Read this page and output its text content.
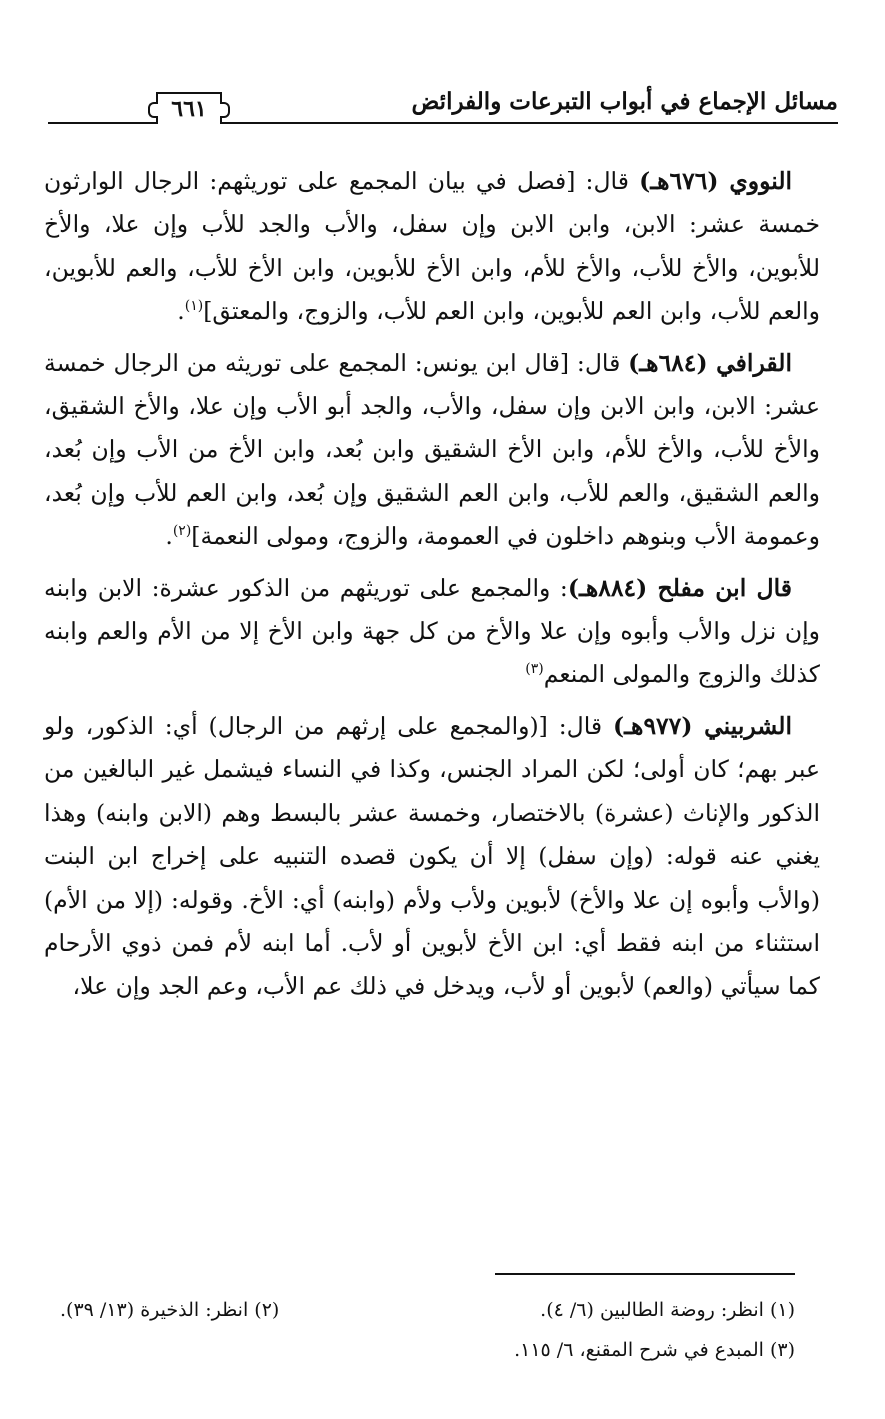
مسائل الإجماع في أبواب التبرعات والفرائض
٦٦١

النووي (٦٧٦هـ) قال: [فصل في بيان المجمع على توريثهم: الرجال الوارثون خمسة عشر: الابن، وابن الابن وإن سفل، والأب والجد للأب وإن علا، والأخ للأبوين، والأخ للأب، والأخ للأم، وابن الأخ للأبوين، وابن الأخ للأب، والعم للأبوين، والعم للأب، وابن العم للأبوين، وابن العم للأب، والزوج، والمعتق]$^{(١)}$.

القرافي (٦٨٤هـ) قال: [قال ابن يونس: المجمع على توريثه من الرجال خمسة عشر: الابن، وابن الابن وإن سفل، والأب، والجد أبو الأب وإن علا، والأخ الشقيق، والأخ للأب، والأخ للأم، وابن الأخ الشقيق وابن بُعد، وابن الأخ من الأب وإن بُعد، والعم الشقيق، والعم للأب، وابن العم الشقيق وإن بُعد، وابن العم للأب وإن بُعد، وعمومة الأب وبنوهم داخلون في العمومة، والزوج، ومولى النعمة]$^{(٢)}$.

قال ابن مفلح (٨٨٤هـ): والمجمع على توريثهم من الذكور عشرة: الابن وابنه وإن نزل والأب وأبوه وإن علا والأخ من كل جهة وابن الأخ إلا من الأم والعم وابنه كذلك والزوج والمولى المنعم$^{(٣)}$

الشربيني (٩٧٧هـ) قال: [(والمجمع على إرثهم من الرجال) أي: الذكور، ولو عبر بهم؛ كان أولى؛ لكن المراد الجنس، وكذا في النساء فيشمل غير البالغين من الذكور والإناث (عشرة) بالاختصار، وخمسة عشر بالبسط وهم (الابن وابنه) وهذا يغني عنه قوله: (وإن سفل) إلا أن يكون قصده التنبيه على إخراج ابن البنت (والأب وأبوه إن علا والأخ) لأبوين ولأب ولأم (وابنه) أي: الأخ. وقوله: (إلا من الأم) استثناء من ابنه فقط أي: ابن الأخ لأبوين أو لأب. أما ابنه لأم فمن ذوي الأرحام كما سيأتي (والعم) لأبوين أو لأب، ويدخل في ذلك عم الأب، وعم الجد وإن علا،

(١) انظر: روضة الطالبين (٦/ ٤).
(٢) انظر: الذخيرة (١٣/ ٣٩).
(٣) المبدع في شرح المقنع، ٦/ ١١٥.
